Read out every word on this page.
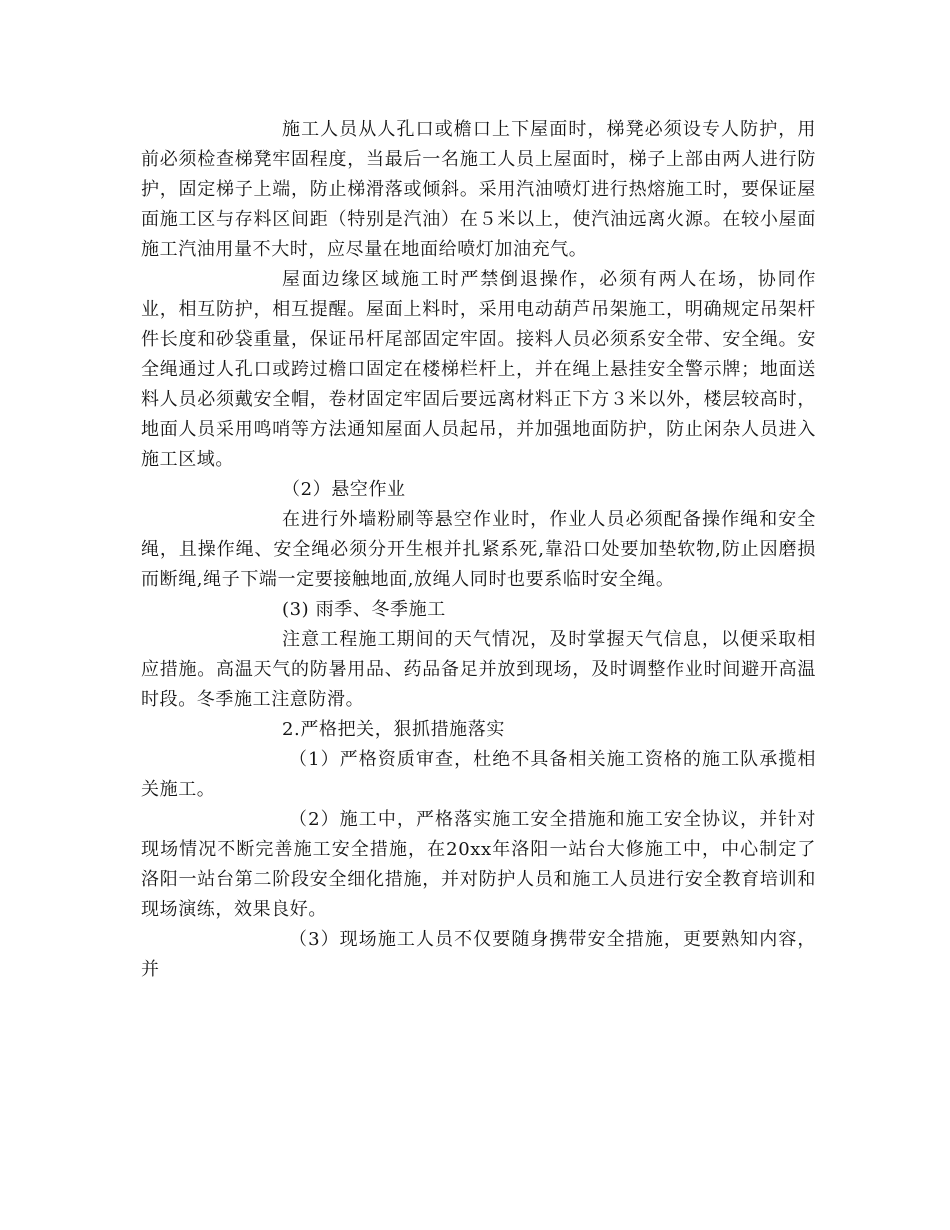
施工人员从人孔口或檐口上下屋面时，梯凳必须设专人防护，用前必须检查梯凳牢固程度，当最后一名施工人员上屋面时，梯子上部由两人进行防护，固定梯子上端，防止梯滑落或倾斜。采用汽油喷灯进行热熔施工时，要保证屋面施工区与存料区间距（特别是汽油）在５米以上，使汽油远离火源。在较小屋面施工汽油用量不大时，应尽量在地面给喷灯加油充气。

屋面边缘区域施工时严禁倒退操作，必须有两人在场，协同作业，相互防护，相互提醒。屋面上料时，采用电动葫芦吊架施工，明确规定吊架杆件长度和砂袋重量，保证吊杆尾部固定牢固。接料人员必须系安全带、安全绳。安全绳通过人孔口或跨过檐口固定在楼梯栏杆上，并在绳上悬挂安全警示牌；地面送料人员必须戴安全帽，卷材固定牢固后要远离材料正下方３米以外，楼层较高时，地面人员采用鸣哨等方法通知屋面人员起吊，并加强地面防护，防止闲杂人员进入施工区域。

（2）悬空作业

在进行外墙粉刷等悬空作业时，作业人员必须配备操作绳和安全绳，且操作绳、安全绳必须分开生根并扎紧系死,靠沿口处要加垫软物,防止因磨损而断绳,绳子下端一定要接触地面,放绳人同时也要系临时安全绳。

(3) 雨季、冬季施工

注意工程施工期间的天气情况，及时掌握天气信息，以便采取相应措施。高温天气的防暑用品、药品备足并放到现场，及时调整作业时间避开高温时段。冬季施工注意防滑。

2.严格把关，狠抓措施落实

（1）严格资质审查，杜绝不具备相关施工资格的施工队承揽相关施工。

（2）施工中，严格落实施工安全措施和施工安全协议，并针对现场情况不断完善施工安全措施，在20xx年洛阳一站台大修施工中，中心制定了洛阳一站台第二阶段安全细化措施，并对防护人员和施工人员进行安全教育培训和现场演练，效果良好。

（3）现场施工人员不仅要随身携带安全措施，更要熟知内容，并
